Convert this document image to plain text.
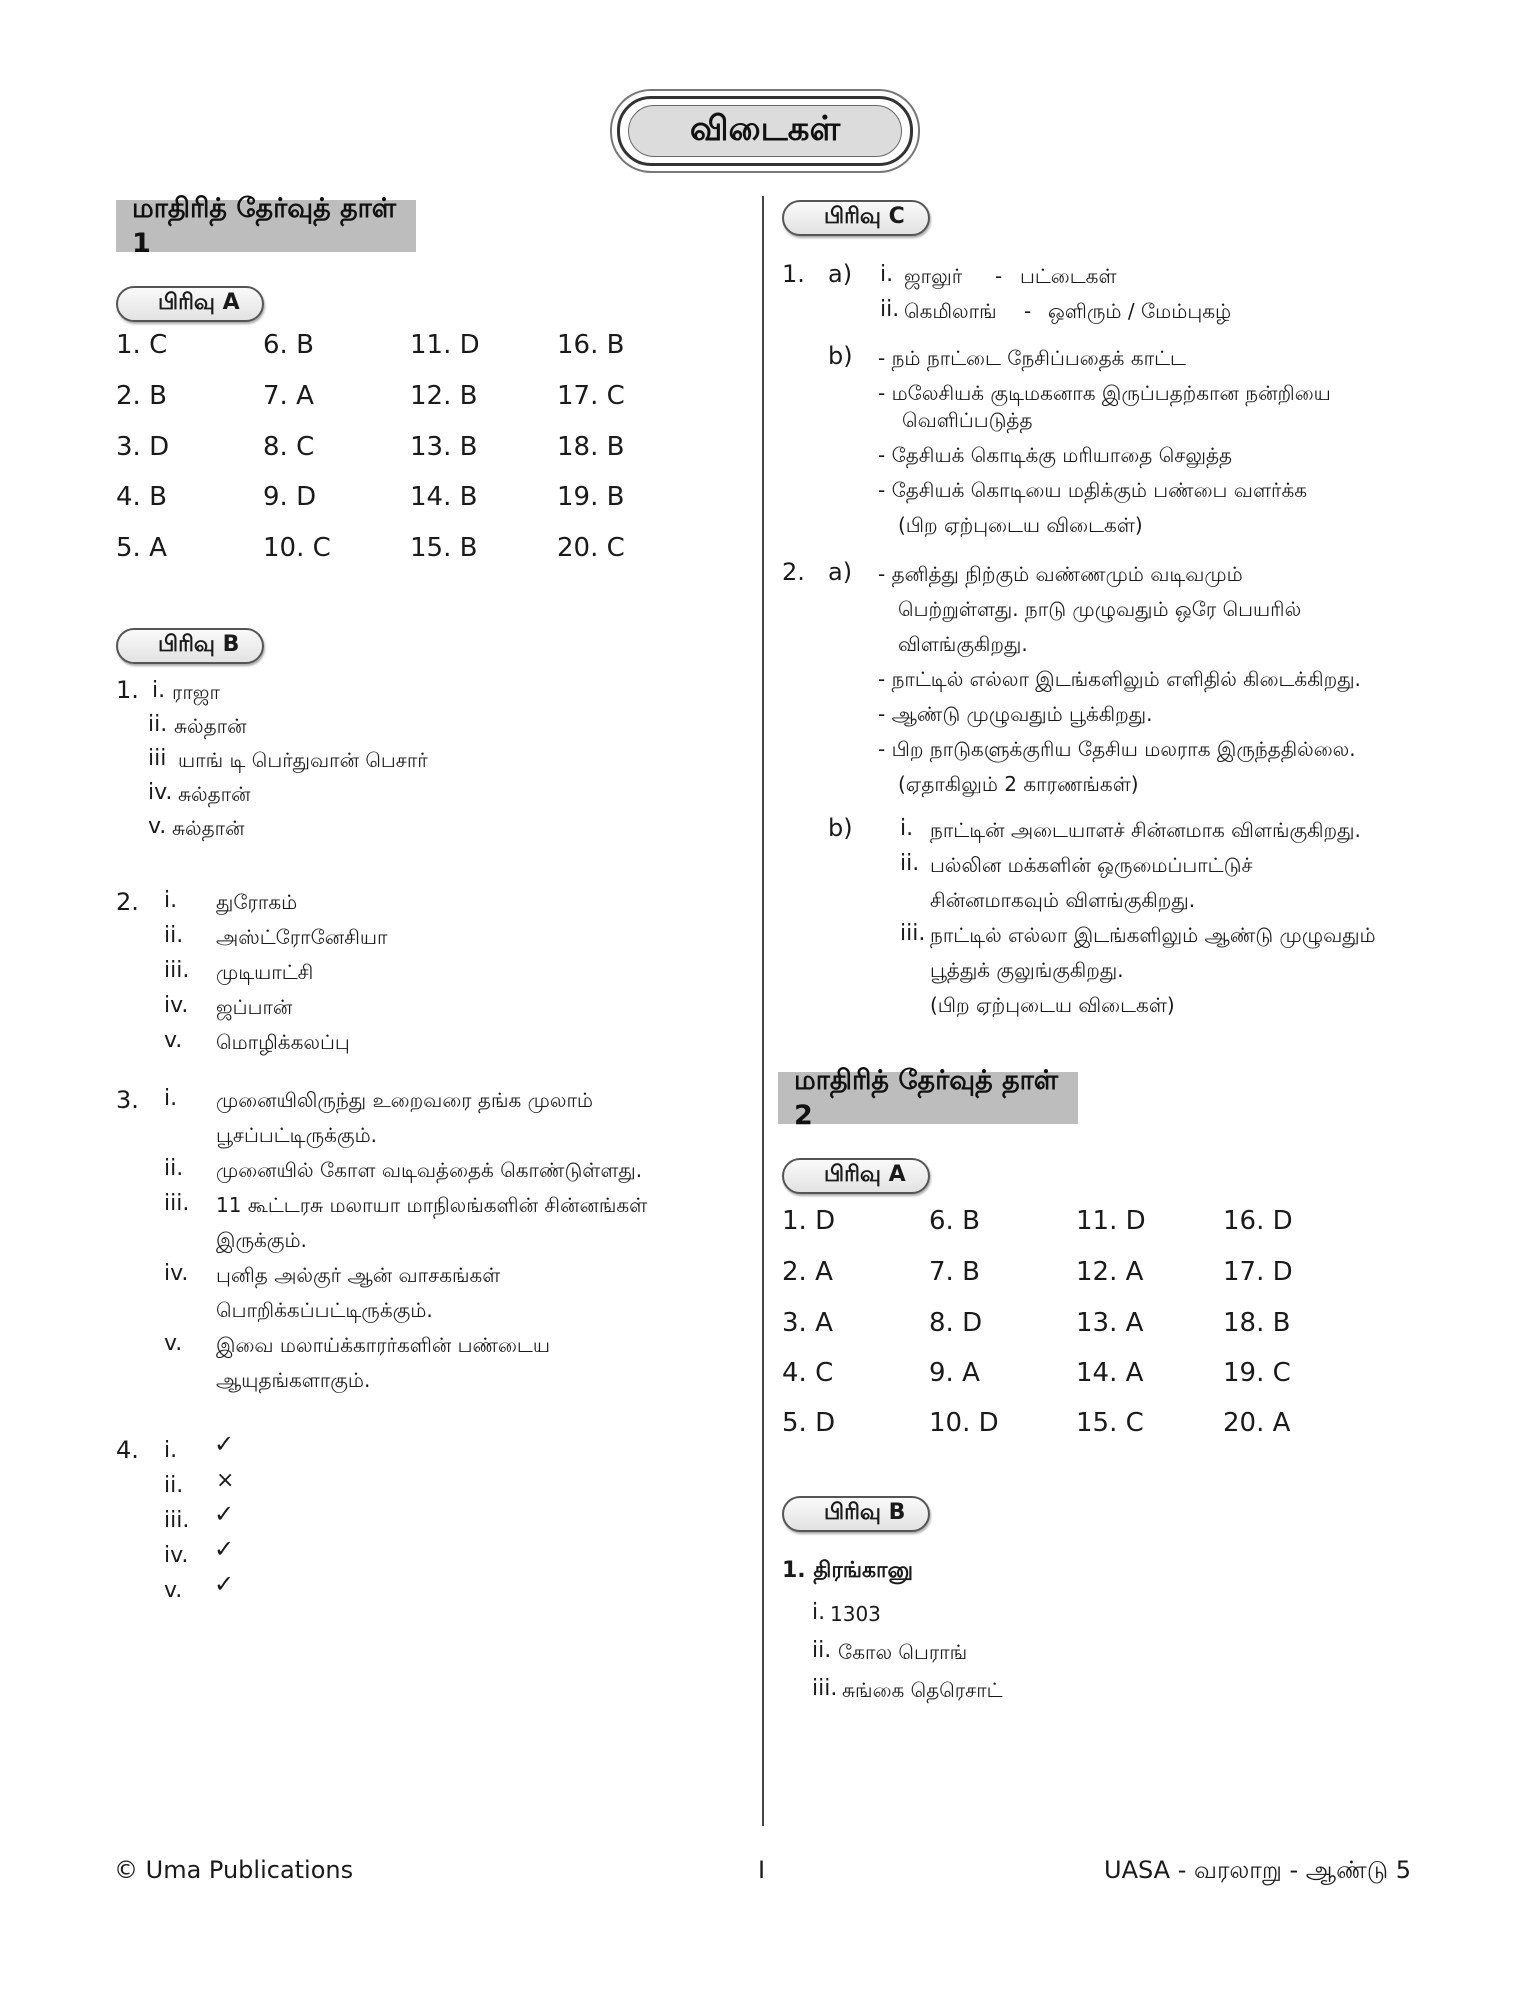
விடைகள்
மாதிரித் தேர்வுத் தாள் 1
பிரிவு A
1. C
2. B
3. D
4. B
5. A
6. B
7. A
8. C
9. D
10. C
11. D
12. B
13. B
14. B
15. B
16. B
17. C
18. B
19. B
20. C
பிரிவு B
1. i. ராஜா
ii. சுல்தான்
iii யாங் டி பெர்துவான் பெசார்
iv. சுல்தான்
v. சுல்தான்
2. i. துரோகம்
ii. அஸ்ட்ரோனேசியா
iii. முடியாட்சி
iv. ஜப்பான்
v. மொழிக்கலப்பு
3. i. முனையிலிருந்து உறைவரை தங்க முலாம்
பூசப்பட்டிருக்கும்.
ii. முனையில் கோள வடிவத்தைக் கொண்டுள்ளது.
iii. 11 கூட்டரசு மலாயா மாநிலங்களின் சின்னங்கள்
இருக்கும்.
iv. புனித அல்குர் ஆன் வாசகங்கள்
பொறிக்கப்பட்டிருக்கும்.
v. இவை மலாய்க்காரர்களின் பண்டைய
ஆயுதங்களாகும்.
4. i. ✓
ii. ×
iii. ✓
iv. ✓
v. ✓
பிரிவு C
1. a) i. ஜாலுர் - பட்டைகள்
ii. கெமிலாங் - ஒளிரும் / மேம்புகழ்
b) - நம் நாட்டை நேசிப்பதைக் காட்ட
- மலேசியக் குடிமகனாக இருப்பதற்கான நன்றியை
வெளிப்படுத்த
- தேசியக் கொடிக்கு மரியாதை செலுத்த
- தேசியக் கொடியை மதிக்கும் பண்பை வளர்க்க
(பிற ஏற்புடைய விடைகள்)
2. a) - தனித்து நிற்கும் வண்ணமும் வடிவமும்
பெற்றுள்ளது. நாடு முழுவதும் ஒரே பெயரில்
விளங்குகிறது.
- நாட்டில் எல்லா இடங்களிலும் எளிதில் கிடைக்கிறது.
- ஆண்டு முழுவதும் பூக்கிறது.
- பிற நாடுகளுக்குரிய தேசிய மலராக இருந்ததில்லை.
(ஏதாகிலும் 2 காரணங்கள்)
b) i. நாட்டின் அடையாளச் சின்னமாக விளங்குகிறது.
ii. பல்லின மக்களின் ஒருமைப்பாட்டுச்
சின்னமாகவும் விளங்குகிறது.
iii. நாட்டில் எல்லா இடங்களிலும் ஆண்டு முழுவதும்
பூத்துக் குலுங்குகிறது.
(பிற ஏற்புடைய விடைகள்)
மாதிரித் தேர்வுத் தாள் 2
பிரிவு A
1. D
2. A
3. A
4. C
5. D
6. B
7. B
8. D
9. A
10. D
11. D
12. A
13. A
14. A
15. C
16. D
17. D
18. B
19. C
20. A
பிரிவு B
1. திரங்கானு
i. 1303
ii. கோல பெராங்
iii. சுங்கை தெரெசாட்
© Uma Publications	I	UASA - வரலாறு - ஆண்டு 5
